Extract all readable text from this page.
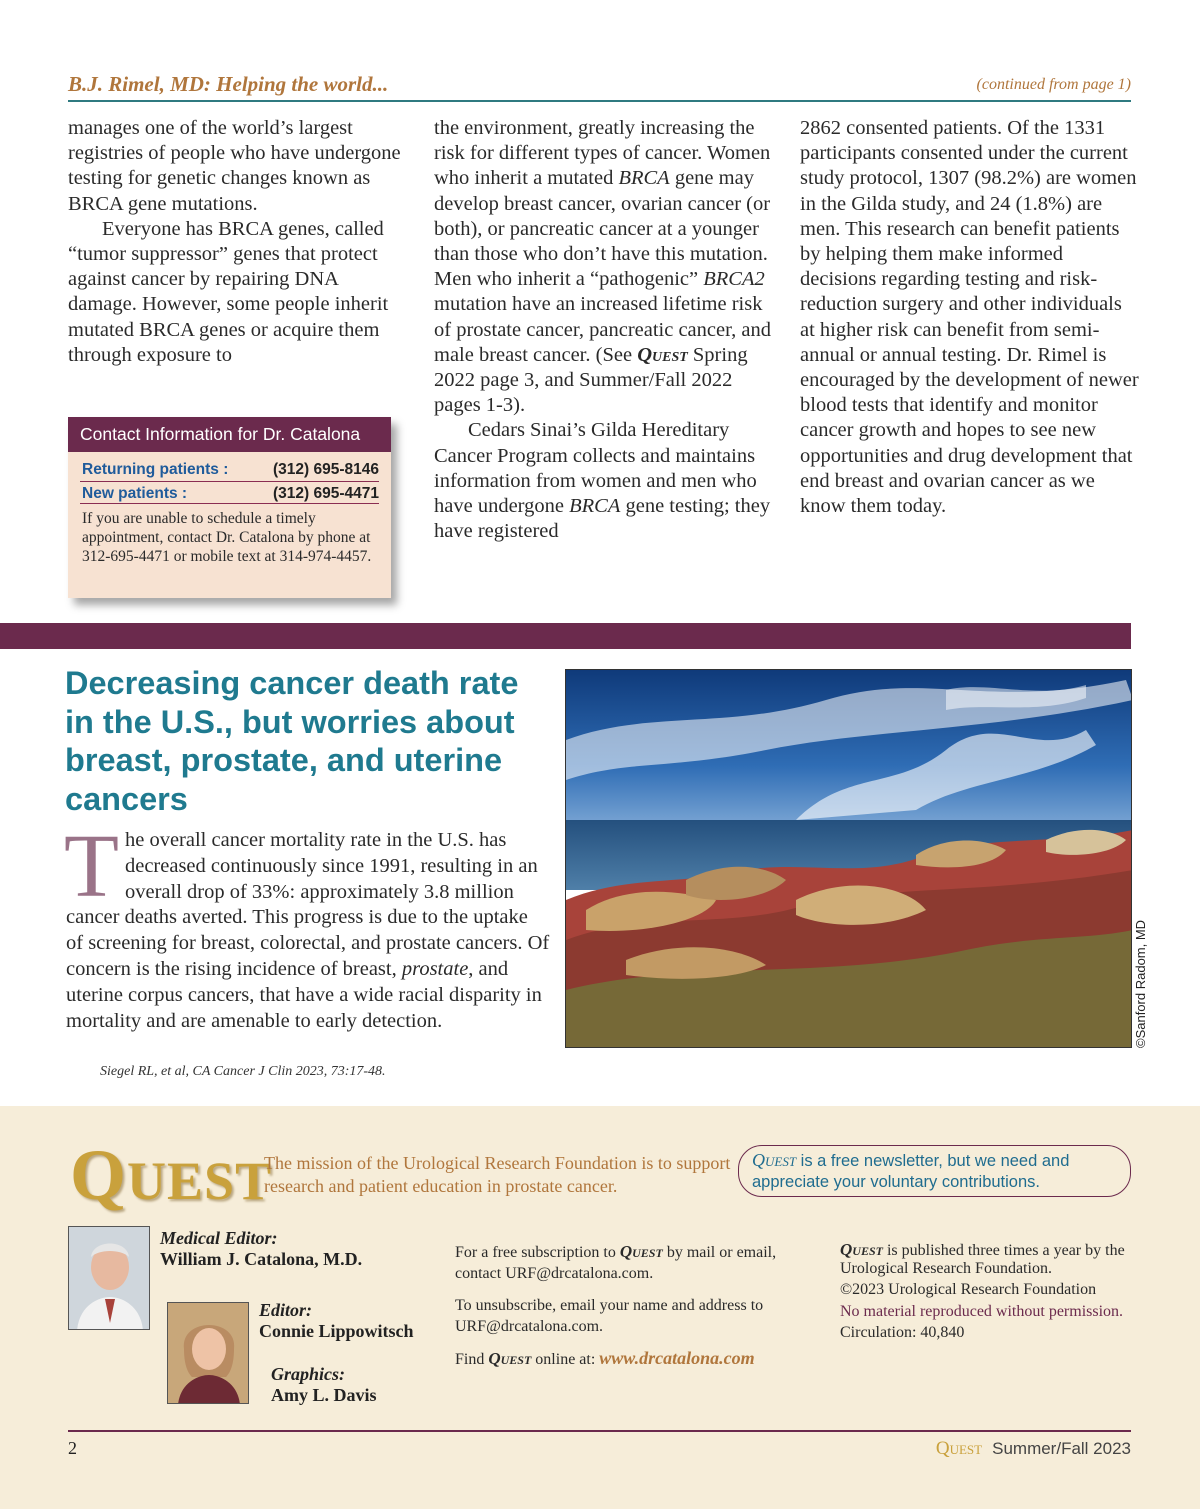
B.J. Rimel, MD: Helping the world...	(continued from page 1)

manages one of the world’s largest registries of people who have undergone testing for genetic changes known as BRCA gene mutations.

Everyone has BRCA genes, called “tumor suppressor” genes that protect against cancer by repairing DNA damage. However, some people inherit mutated BRCA genes or acquire them through exposure to

the environment, greatly increasing the risk for different types of cancer. Women who inherit a mutated BRCA gene may develop breast cancer, ovarian cancer (or both), or pancreatic cancer at a younger than those who don’t have this mutation. Men who inherit a “pathogenic” BRCA2 mutation have an increased lifetime risk of prostate cancer, pancreatic cancer, and male breast cancer. (See Quest Spring 2022 page 3, and Summer/Fall 2022 pages 1-3).

Cedars Sinai’s Gilda Hereditary Cancer Program collects and maintains information from women and men who have undergone BRCA gene testing; they have registered

2862 consented patients. Of the 1331 participants consented under the current study protocol, 1307 (98.2%) are women in the Gilda study, and 24 (1.8%) are men. This research can benefit patients by helping them make informed decisions regarding testing and risk-reduction surgery and other individuals at higher risk can benefit from semi-annual or annual testing. Dr. Rimel is encouraged by the development of newer blood tests that identify and monitor cancer growth and hopes to see new opportunities and drug development that end breast and ovarian cancer as we know them today.

Contact Information for Dr. Catalona
Returning patients :	(312) 695-8146
New patients :	(312) 695-4471
If you are unable to schedule a timely appointment, contact Dr. Catalona by phone at 312-695-4471 or mobile text at 314-974-4457.
Decreasing cancer death rate in the U.S., but worries about breast, prostate, and uterine cancers
The overall cancer mortality rate in the U.S. has decreased continuously since 1991, resulting in an overall drop of 33%: approximately 3.8 million cancer deaths averted. This progress is due to the uptake of screening for breast, colorectal, and prostate cancers. Of concern is the rising incidence of breast, prostate, and uterine corpus cancers, that have a wide racial disparity in mortality and are amenable to early detection.
Siegel RL, et al, CA Cancer J Clin 2023, 73:17-48.
©Sanford Radom, MD
QUEST
The mission of the Urological Research Foundation is to support research and patient education in prostate cancer.
Quest is a free newsletter, but we need and appreciate your voluntary contributions.
Medical Editor:
William J. Catalona, M.D.
Editor:
Connie Lippowitsch
Graphics:
Amy L. Davis

For a free subscription to Quest by mail or email, contact URF@drcatalona.com.

To unsubscribe, email your name and address to URF@drcatalona.com.

Find Quest online at: www.drcatalona.com

Quest is published three times a year by the Urological Research Foundation.
©2023 Urological Research Foundation
No material reproduced without permission.
Circulation: 40,840
2	Quest Summer/Fall 2023
